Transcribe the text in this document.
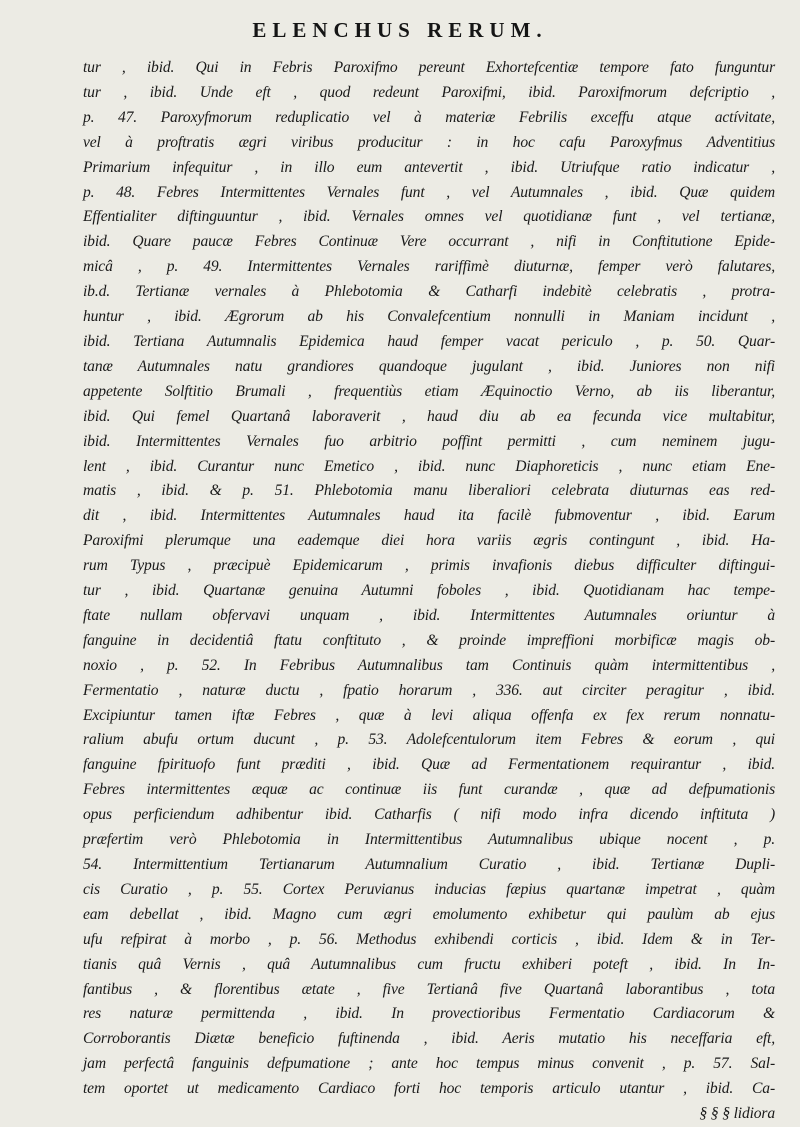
ELENCHUS RERUM.
tur , ibid. Qui in Febris Paroxifmo pereunt Exhortefcentiæ tempore fato funguntur
tur , ibid. Unde eft , quod redeunt Paroxifmi, ibid. Paroxifmorum defcriptio ,
p. 47. Paroxyfmorum reduplicatio vel à materiæ Febrilis exceffu atque actívitate,
vel à proftratis ægri viribus producitur : in hoc cafu Paroxyfmus Adventitius
Primarium infequitur , in illo eum antevertit , ibid. Utriufque ratio indicatur ,
p. 48. Febres Intermittentes Vernales funt , vel Autumnales , ibid. Quæ quidem
Effentialiter diftinguuntur , ibid. Vernales omnes vel quotidianæ funt , vel tertianæ,
ibid. Quare paucæ Febres Continuæ Vere occurrant , nifi in Conftitutione Epide-
micâ , p. 49. Intermittentes Vernales rariffimè diuturnæ, femper verò falutares,
ib.d. Tertianæ vernales à Phlebotomia & Catharfi indebitè celebratis , protra-
huntur , ibid. Ægrorum ab his Convalefcentium nonnulli in Maniam incidunt ,
ibid. Tertiana Autumnalis Epidemica haud femper vacat periculo , p. 50. Quar-
tanæ Autumnales natu grandiores quandoque jugulant , ibid. Juniores non nifi
appetente Solftitio Brumali , frequentiùs etiam Æquinoctio Verno, ab iis liberantur,
ibid. Qui femel Quartanâ laboraverit , haud diu ab ea fecunda vice multabitur,
ibid. Intermittentes Vernales fuo arbitrio poffint permitti , cum neminem jugu-
lent , ibid. Curantur nunc Emetico , ibid. nunc Diaphoreticis , nunc etiam Ene-
matis , ibid. & p. 51. Phlebotomia manu liberaliori celebrata diuturnas eas red-
dit , ibid. Intermittentes Autumnales haud ita facilè fubmoventur , ibid. Earum
Paroxifmi plerumque una eademque diei hora variis ægris contingunt , ibid. Ha-
rum Typus , præcipuè Epidemicarum , primis invafionis diebus difficulter diftingui-
tur , ibid. Quartanæ genuina Autumni foboles , ibid. Quotidianam hac tempe-
ftate nullam obfervavi unquam , ibid. Intermittentes Autumnales oriuntur à
fanguine in decidentiâ ftatu conftituto , & proinde impreffioni morbificæ magis ob-
noxio , p. 52. In Febribus Autumnalibus tam Continuis quàm intermittentibus ,
Fermentatio , naturæ ductu , fpatio horarum , 336. aut circiter peragitur , ibid.
Excipiuntur tamen iftæ Febres , quæ à levi aliqua offenfa ex fex rerum nonnatu-
ralium abufu ortum ducunt , p. 53. Adolefcentulorum item Febres & eorum , qui
fanguine fpirituofo funt præditi , ibid. Quæ ad Fermentationem requirantur , ibid.
Febres intermittentes æquæ ac continuæ iis funt curandæ , quæ ad defpumationis
opus perficiendum adhibentur ibid. Catharfis ( nifi modo infra dicendo inftituta )
præfertim verò Phlebotomia in Intermittentibus Autumnalibus ubique nocent , p.
54. Intermittentium Tertianarum Autumnalium Curatio , ibid. Tertianæ Dupli-
cis Curatio , p. 55. Cortex Peruvianus inducias fæpius quartanæ impetrat , quàm
eam debellat , ibid. Magno cum ægri emolumento exhibetur qui paulùm ab ejus
ufu refpirat à morbo , p. 56. Methodus exhibendi corticis , ibid. Idem & in Ter-
tianis quâ Vernis , quâ Autumnalibus cum fructu exhiberi poteft , ibid. In In-
fantibus , & florentibus ætate , five Tertianâ five Quartanâ laborantibus , tota
res naturæ permittenda , ibid. In provectioribus Fermentatio Cardiacorum &
Corroborantis Diætæ beneficio fuftinenda , ibid. Aeris mutatio his neceffaria eft,
jam perfectâ fanguinis defpumatione ; ante hoc tempus minus convenit , p. 57. Sal-
tem oportet ut medicamento Cardiaco forti hoc temporis articulo utantur , ibid. Ca-
§ § § lidiora
